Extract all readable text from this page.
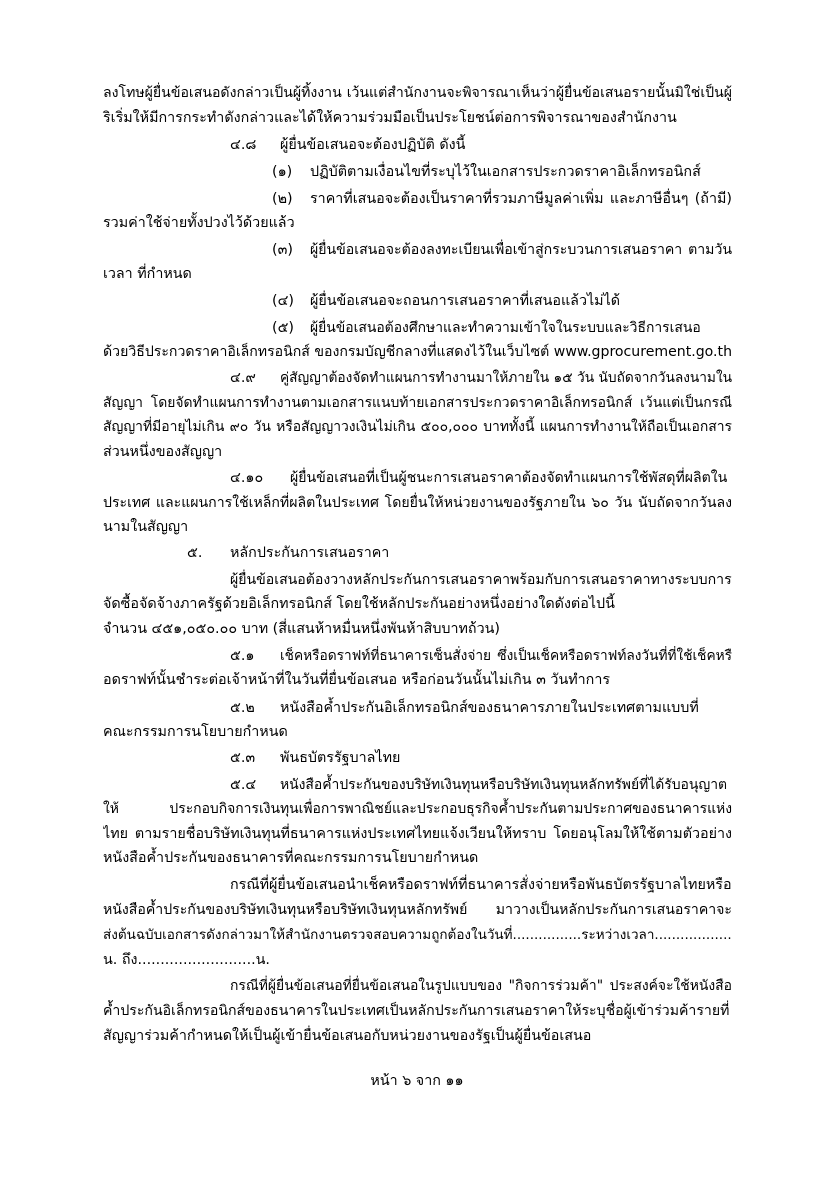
ลงโทษผู้ยื่นข้อเสนอดังกล่าวเป็นผู้ทิ้งงาน เว้นแต่สำนักงานจะพิจารณาเห็นว่าผู้ยื่นข้อเสนอรายนั้นมิใช่เป็นผู้
ริเริ่มให้มีการกระทำดังกล่าวและได้ให้ความร่วมมือเป็นประโยชน์ต่อการพิจารณาของสำนักงาน
๔.๘ ผู้ยื่นข้อเสนอจะต้องปฏิบัติ ดังนี้
(๑) ปฏิบัติตามเงื่อนไขที่ระบุไว้ในเอกสารประกวดราคาอิเล็กทรอนิกส์
(๒) ราคาที่เสนอจะต้องเป็นราคาที่รวมภาษีมูลค่าเพิ่ม และภาษีอื่นๆ (ถ้ามี)
รวมค่าใช้จ่ายทั้งปวงไว้ด้วยแล้ว
(๓) ผู้ยื่นข้อเสนอจะต้องลงทะเบียนเพื่อเข้าสู่กระบวนการเสนอราคา ตามวัน
เวลา ที่กำหนด
(๔) ผู้ยื่นข้อเสนอจะถอนการเสนอราคาที่เสนอแล้วไม่ได้
(๕) ผู้ยื่นข้อเสนอต้องศึกษาและทำความเข้าใจในระบบและวิธีการเสนอ
ด้วยวิธีประกวดราคาอิเล็กทรอนิกส์ ของกรมบัญชีกลางที่แสดงไว้ในเว็บไซต์ www.gprocurement.go.th
๔.๙ คู่สัญญาต้องจัดทำแผนการทำงานมาให้ภายใน ๑๕ วัน นับถัดจากวันลงนามใน
สัญญา โดยจัดทำแผนการทำงานตามเอกสารแนบท้ายเอกสารประกวดราคาอิเล็กทรอนิกส์ เว้นแต่เป็นกรณี
สัญญาที่มีอายุไม่เกิน ๙๐ วัน หรือสัญญาวงเงินไม่เกิน ๕๐๐,๐๐๐ บาททั้งนี้ แผนการทำงานให้ถือเป็นเอกสาร
ส่วนหนึ่งของสัญญา
๔.๑๐ ผู้ยื่นข้อเสนอที่เป็นผู้ชนะการเสนอราคาต้องจัดทำแผนการใช้พัสดุที่ผลิตใน
ประเทศ และแผนการใช้เหล็กที่ผลิตในประเทศ โดยยื่นให้หน่วยงานของรัฐภายใน ๖๐ วัน นับถัดจากวันลง
นามในสัญญา
๕. หลักประกันการเสนอราคา
ผู้ยื่นข้อเสนอต้องวางหลักประกันการเสนอราคาพร้อมกับการเสนอราคาทางระบบการ
จัดซื้อจัดจ้างภาครัฐด้วยอิเล็กทรอนิกส์ โดยใช้หลักประกันอย่างหนึ่งอย่างใดดังต่อไปนี้
จำนวน ๔๕๑,๐๕๐.๐๐ บาท (สี่แสนห้าหมื่นหนึ่งพันห้าสิบบาทถ้วน)
๕.๑ เช็คหรือดราฟท์ที่ธนาคารเซ็นสั่งจ่าย ซึ่งเป็นเช็คหรือดราฟท์ลงวันที่ที่ใช้เช็คหรื
อดราฟท์นั้นชำระต่อเจ้าหน้าที่ในวันที่ยื่นข้อเสนอ หรือก่อนวันนั้นไม่เกิน ๓ วันทำการ
๕.๒ หนังสือค้ำประกันอิเล็กทรอนิกส์ของธนาคารภายในประเทศตามแบบที่
คณะกรรมการนโยบายกำหนด
๕.๓ พันธบัตรรัฐบาลไทย
๕.๔ หนังสือค้ำประกันของบริษัทเงินทุนหรือบริษัทเงินทุนหลักทรัพย์ที่ได้รับอนุญาต
ให้ ประกอบกิจการเงินทุนเพื่อการพาณิชย์และประกอบธุรกิจค้ำประกันตามประกาศของธนาคารแห่ง
ไทย ตามรายชื่อบริษัทเงินทุนที่ธนาคารแห่งประเทศไทยแจ้งเวียนให้ทราบ โดยอนุโลมให้ใช้ตามตัวอย่าง
หนังสือค้ำประกันของธนาคารที่คณะกรรมการนโยบายกำหนด
กรณีที่ผู้ยื่นข้อเสนอนำเช็คหรือดราฟท์ที่ธนาคารสั่งจ่ายหรือพันธบัตรรัฐบาลไทยหรือ
หนังสือค้ำประกันของบริษัทเงินทุนหรือบริษัทเงินทุนหลักทรัพย์ มาวางเป็นหลักประกันการเสนอราคาจะ
ส่งต้นฉบับเอกสารดังกล่าวมาให้สำนักงานตรวจสอบความถูกต้องในวันที่................ระหว่างเวลา..................
น. ถึง..........................น.
กรณีที่ผู้ยื่นข้อเสนอที่ยื่นข้อเสนอในรูปแบบของ "กิจการร่วมค้า" ประสงค์จะใช้หนังสือ
ค้ำประกันอิเล็กทรอนิกส์ของธนาคารในประเทศเป็นหลักประกันการเสนอราคาให้ระบุชื่อผู้เข้าร่วมค้ารายที่
สัญญาร่วมค้ากำหนดให้เป็นผู้เข้ายื่นข้อเสนอกับหน่วยงานของรัฐเป็นผู้ยื่นข้อเสนอ
หน้า ๖ จาก ๑๑
